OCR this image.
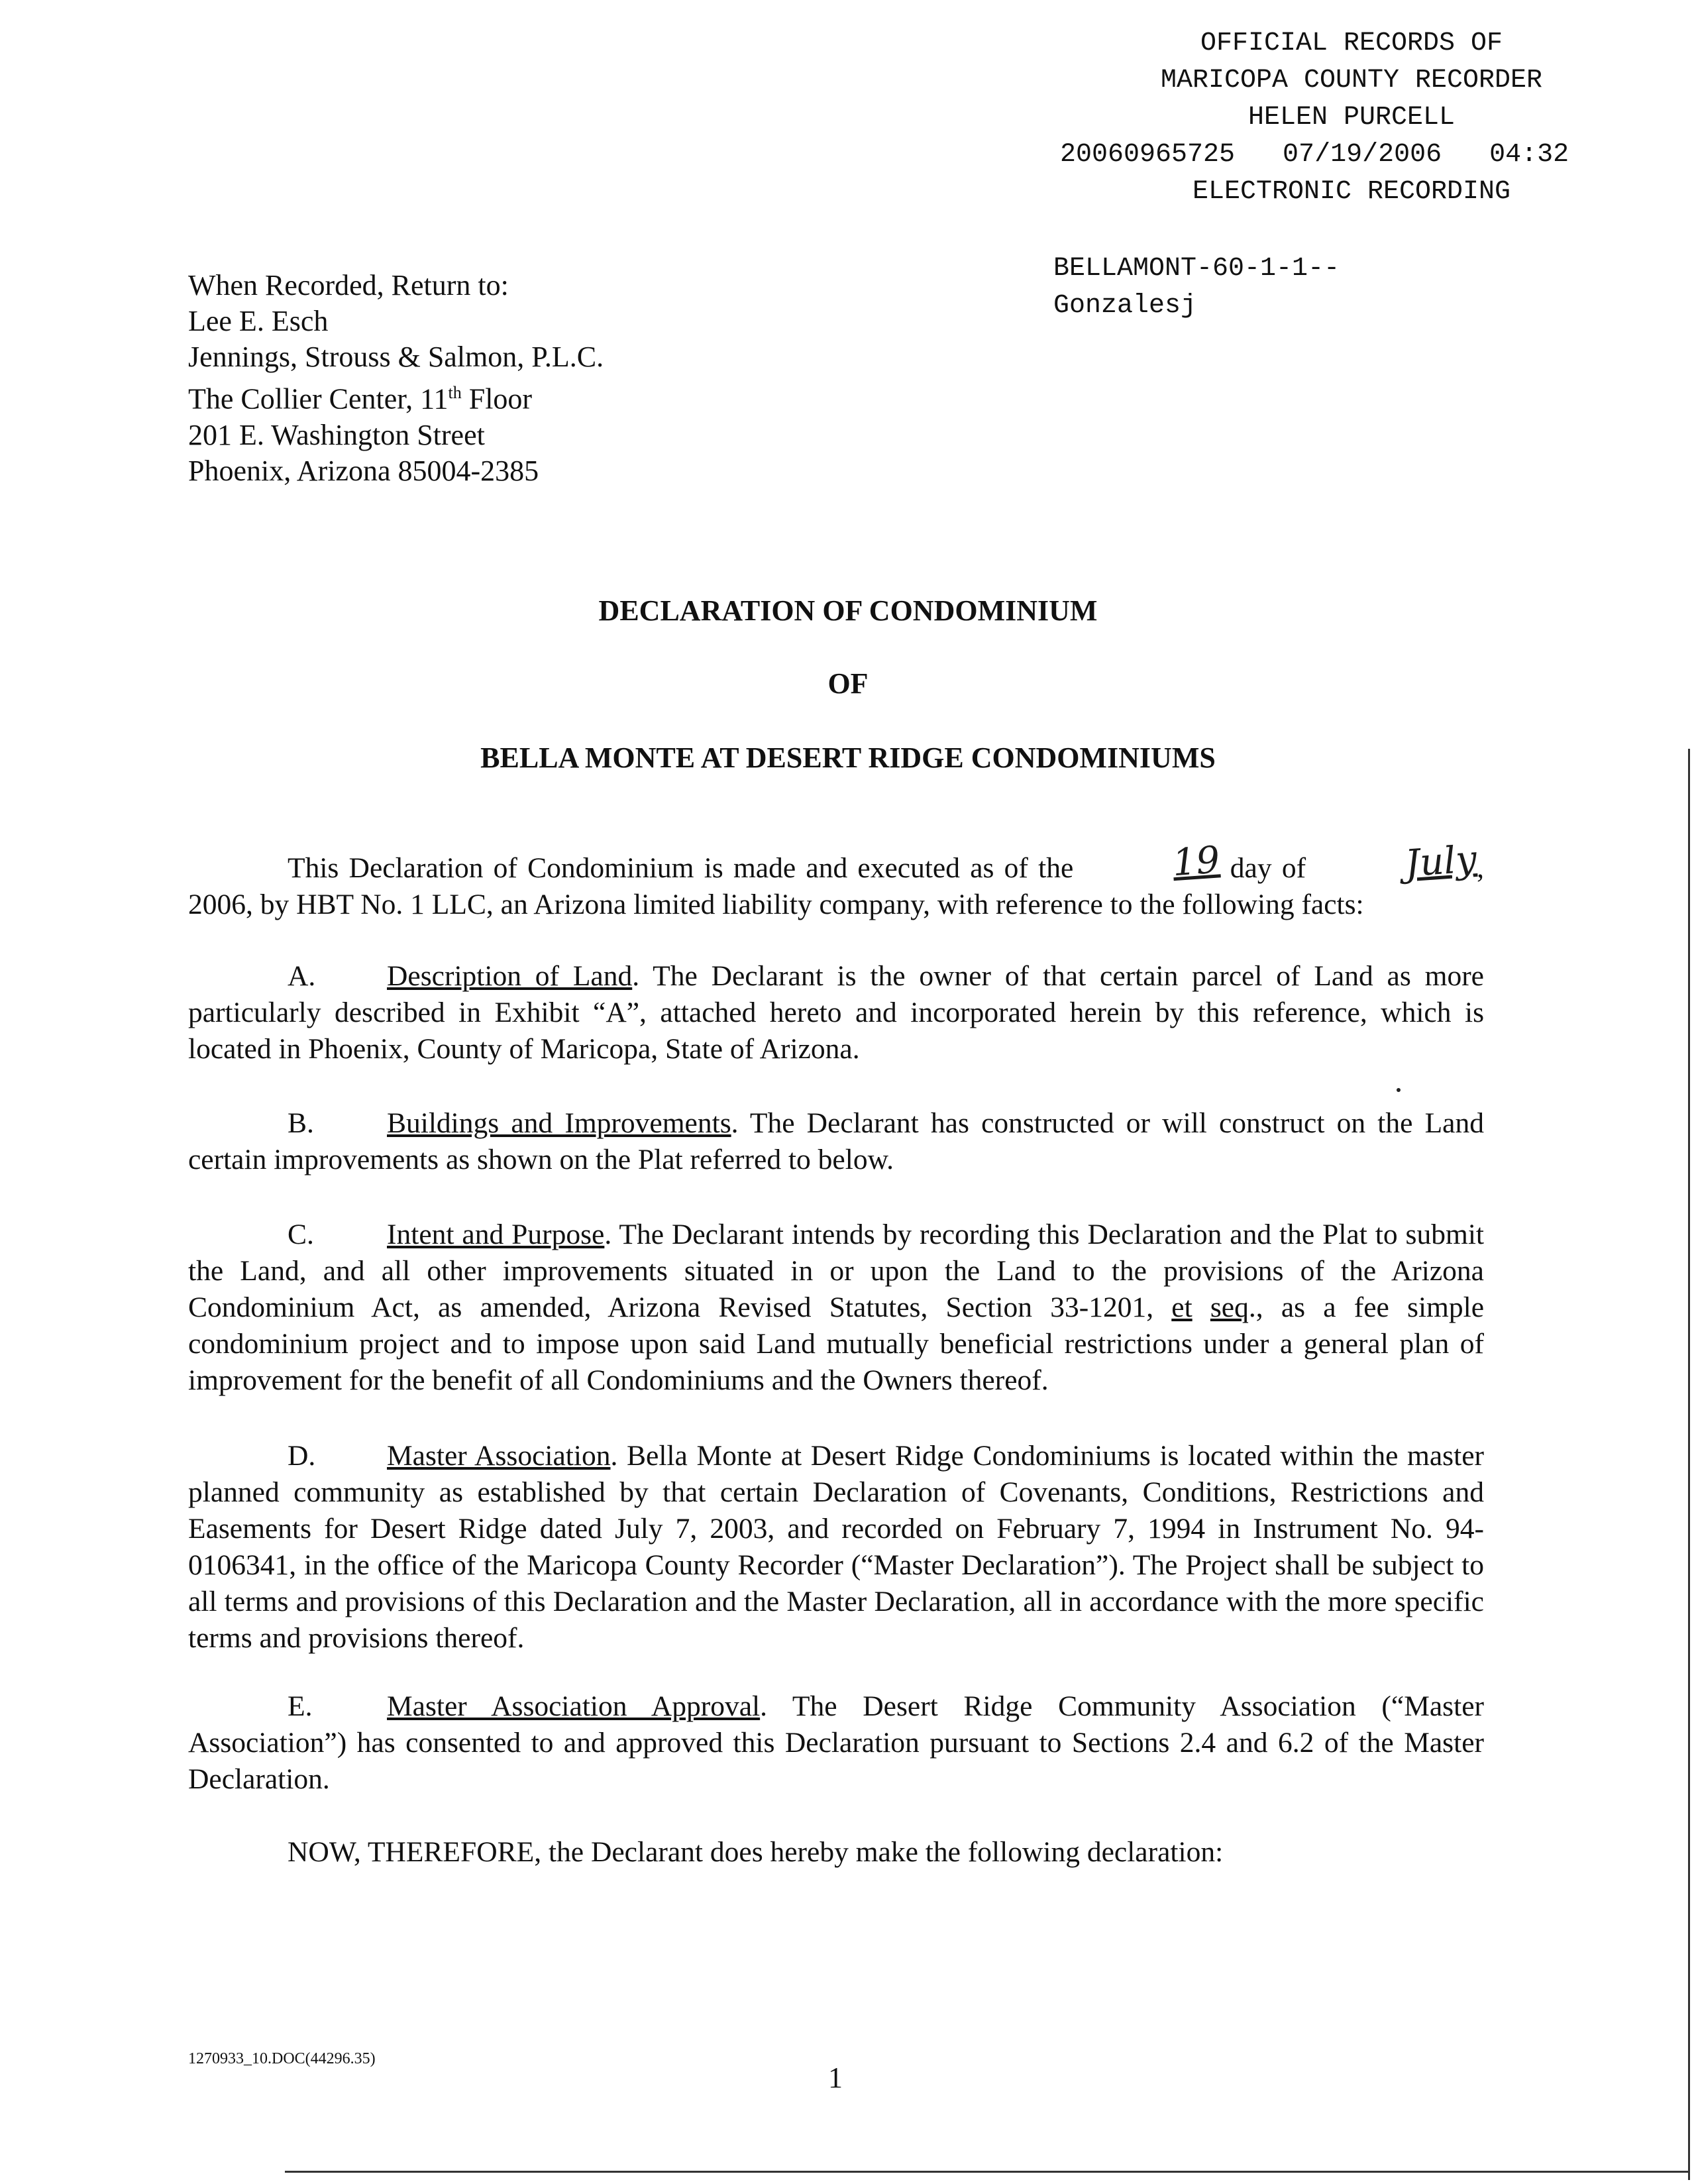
OFFICIAL RECORDS OF
MARICOPA COUNTY RECORDER
HELEN PURCELL
20060965725   07/19/2006   04:32
ELECTRONIC RECORDING
BELLAMONT-60-1-1--
Gonzalesj
When Recorded, Return to:
Lee E. Esch
Jennings, Strouss & Salmon, P.L.C.
The Collier Center, 11th Floor
201 E. Washington Street
Phoenix, Arizona 85004-2385
DECLARATION OF CONDOMINIUM
OF
BELLA MONTE AT DESERT RIDGE CONDOMINIUMS
This Declaration of Condominium is made and executed as of the	19 day of	July, 2006, by HBT No. 1 LLC, an Arizona limited liability company, with reference to the following facts:
A. Description of Land. The Declarant is the owner of that certain parcel of Land as more particularly described in Exhibit “A”, attached hereto and incorporated herein by this reference, which is located in Phoenix, County of Maricopa, State of Arizona.
B.	Buildings and Improvements. The Declarant has constructed or will construct on the Land certain improvements as shown on the Plat referred to below.
C.	Intent and Purpose. The Declarant intends by recording this Declaration and the Plat to submit the Land, and all other improvements situated in or upon the Land to the provisions of the Arizona Condominium Act, as amended, Arizona Revised Statutes, Section 33-1201, et seq., as a fee simple condominium project and to impose upon said Land mutually beneficial restrictions under a general plan of improvement for the benefit of all Condominiums and the Owners thereof.
D. Master Association. Bella Monte at Desert Ridge Condominiums is located within the master planned community as established by that certain Declaration of Covenants, Conditions, Restrictions and Easements for Desert Ridge dated July 7, 2003, and recorded on February 7, 1994 in Instrument No. 94-0106341, in the office of the Maricopa County Recorder (“Master Declaration”). The Project shall be subject to all terms and provisions of this Declaration and the Master Declaration, all in accordance with the more specific terms and provisions thereof.
E.	Master Association Approval. The Desert Ridge Community Association (“Master Association”) has consented to and approved this Declaration pursuant to Sections 2.4 and 6.2 of the Master Declaration.
NOW, THEREFORE, the Declarant does hereby make the following declaration:
1270933_10.DOC(44296.35)
1
